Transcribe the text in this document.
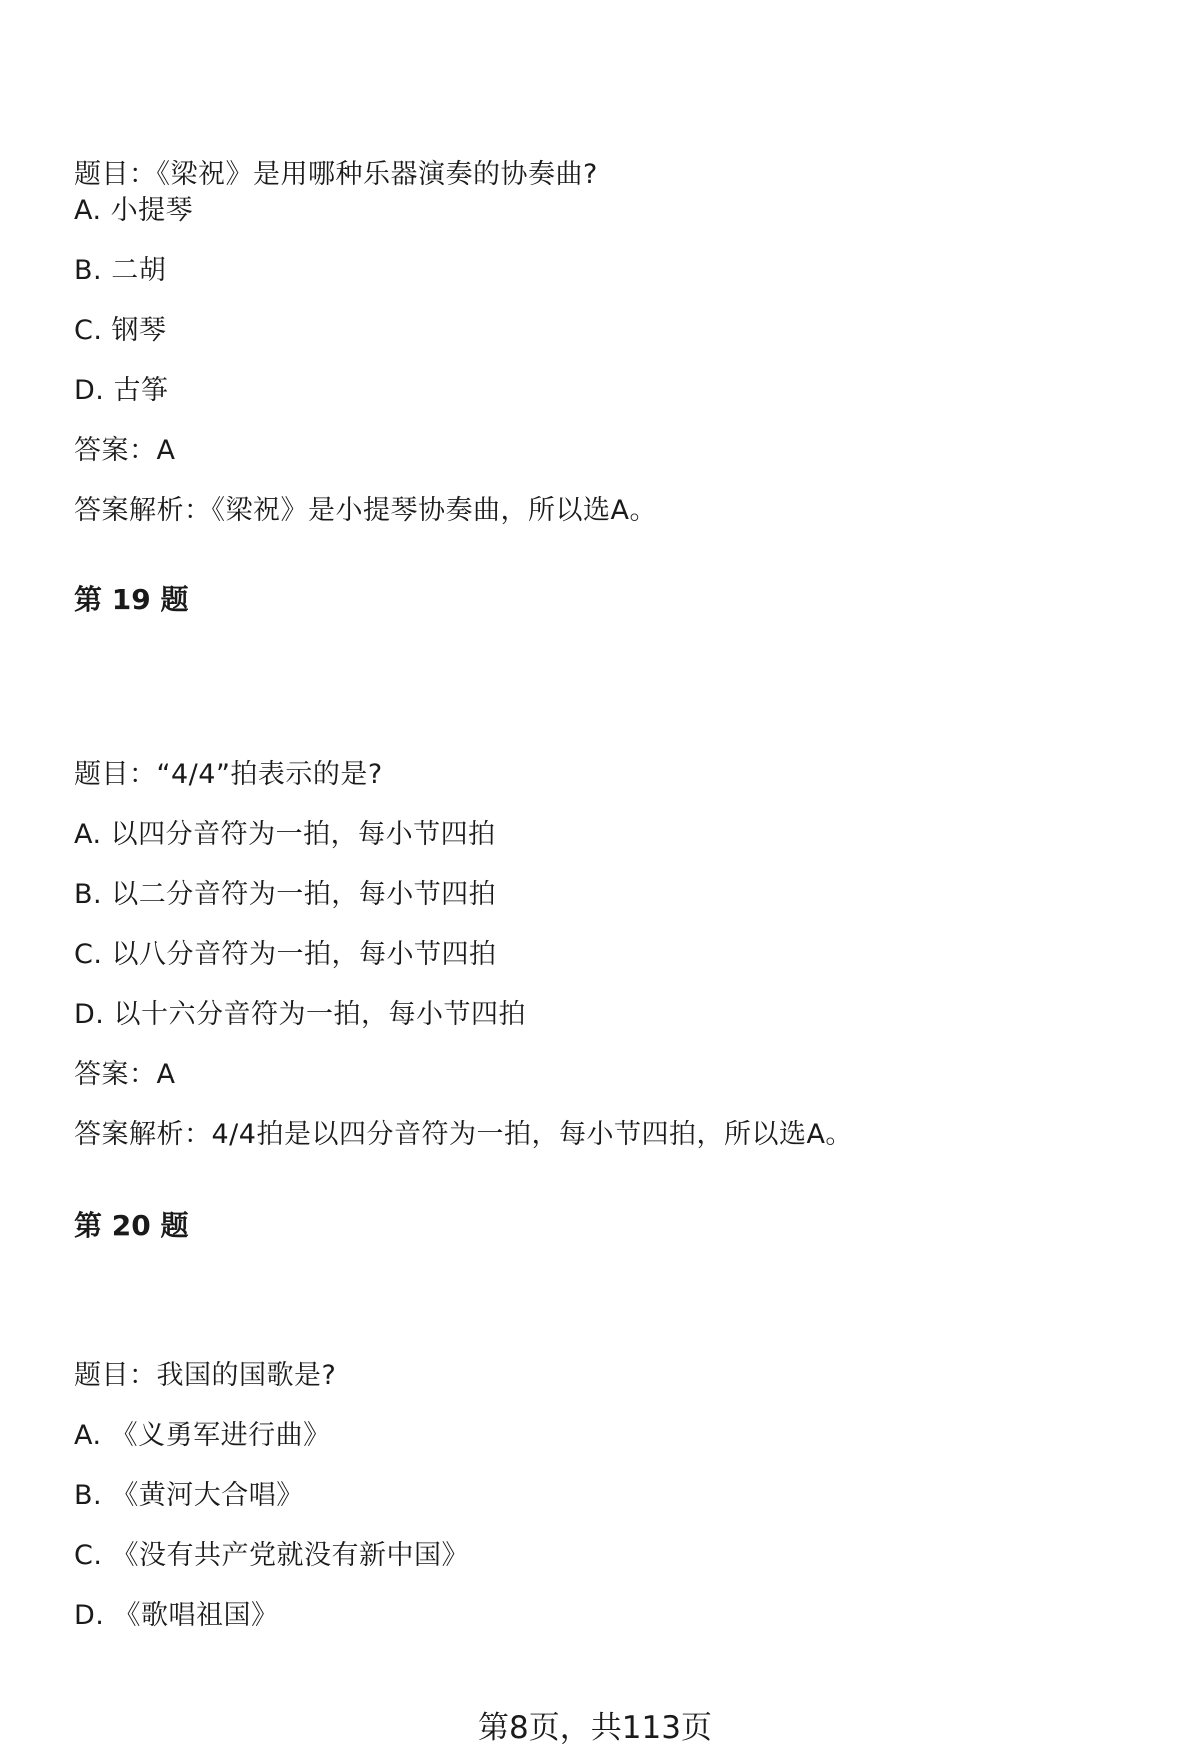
题目：《梁祝》是用哪种乐器演奏的协奏曲?
A. 小提琴
B. 二胡
C. 钢琴
D. 古筝
答案：A
答案解析：《梁祝》是小提琴协奏曲，所以选A。
第 19 题
题目：“4/4”拍表示的是?
A. 以四分音符为一拍，每小节四拍
B. 以二分音符为一拍，每小节四拍
C. 以八分音符为一拍，每小节四拍
D. 以十六分音符为一拍，每小节四拍
答案：A
答案解析：4/4拍是以四分音符为一拍，每小节四拍，所以选A。
第 20 题
题目：我国的国歌是?
A. 《义勇军进行曲》
B. 《黄河大合唱》
C. 《没有共产党就没有新中国》
D. 《歌唱祖国》
第8页，共113页
